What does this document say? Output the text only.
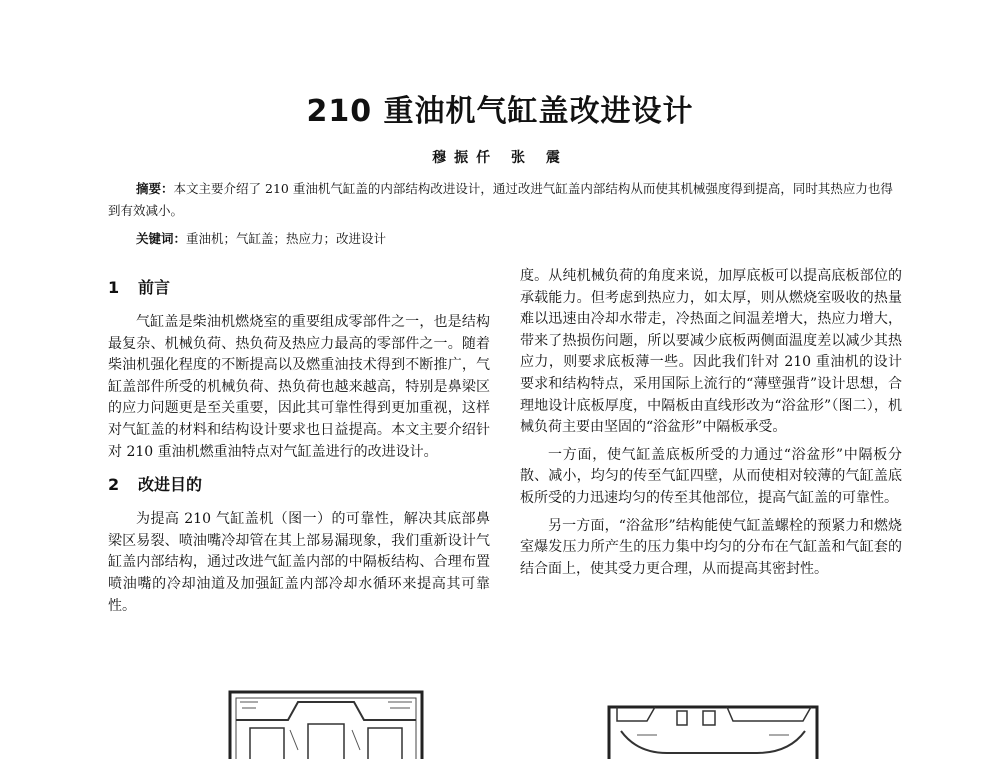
210 重油机气缸盖改进设计
穆振仟 张 震

摘要：本文主要介绍了 210 重油机气缸盖的内部结构改进设计，通过改进气缸盖内部结构从而使其机械强度得到提高，同时其热应力也得到有效减小。

关键词：重油机；气缸盖；热应力；改进设计
1 前言

气缸盖是柴油机燃烧室的重要组成零部件之一，也是结构最复杂、机械负荷、热负荷及热应力最高的零部件之一。随着柴油机强化程度的不断提高以及燃重油技术得到不断推广，气缸盖部件所受的机械负荷、热负荷也越来越高，特别是鼻梁区的应力问题更是至关重要，因此其可靠性得到更加重视，这样对气缸盖的材料和结构设计要求也日益提高。本文主要介绍针对 210 重油机燃重油特点对气缸盖进行的改进设计。

2 改进目的

为提高 210 气缸盖机（图一）的可靠性，解决其底部鼻梁区易裂、喷油嘴冷却管在其上部易漏现象，我们重新设计气缸盖内部结构，通过改进气缸盖内部的中隔板结构、合理布置喷油嘴的冷却油道及加强缸盖内部冷却水循环来提高其可靠性。

度。从纯机械负荷的角度来说，加厚底板可以提高底板部位的承载能力。但考虑到热应力，如太厚，则从燃烧室吸收的热量难以迅速由冷却水带走，冷热面之间温差增大，热应力增大，带来了热损伤问题，所以要减少底板两侧面温度差以减少其热应力，则要求底板薄一些。因此我们针对 210 重油机的设计要求和结构特点，采用国际上流行的“薄壁强背”设计思想，合理地设计底板厚度，中隔板由直线形改为“浴盆形”（图二），机械负荷主要由坚固的“浴盆形”中隔板承受。

一方面，使气缸盖底板所受的力通过“浴盆形”中隔板分散、减小，均匀的传至气缸四壁，从而使相对较薄的气缸盖底板所受的力迅速均匀的传至其他部位，提高气缸盖的可靠性。

另一方面，“浴盆形”结构能使气缸盖螺栓的预紧力和燃烧室爆发压力所产生的压力集中均匀的分布在气缸盖和气缸套的结合面上，使其受力更合理，从而提高其密封性。
